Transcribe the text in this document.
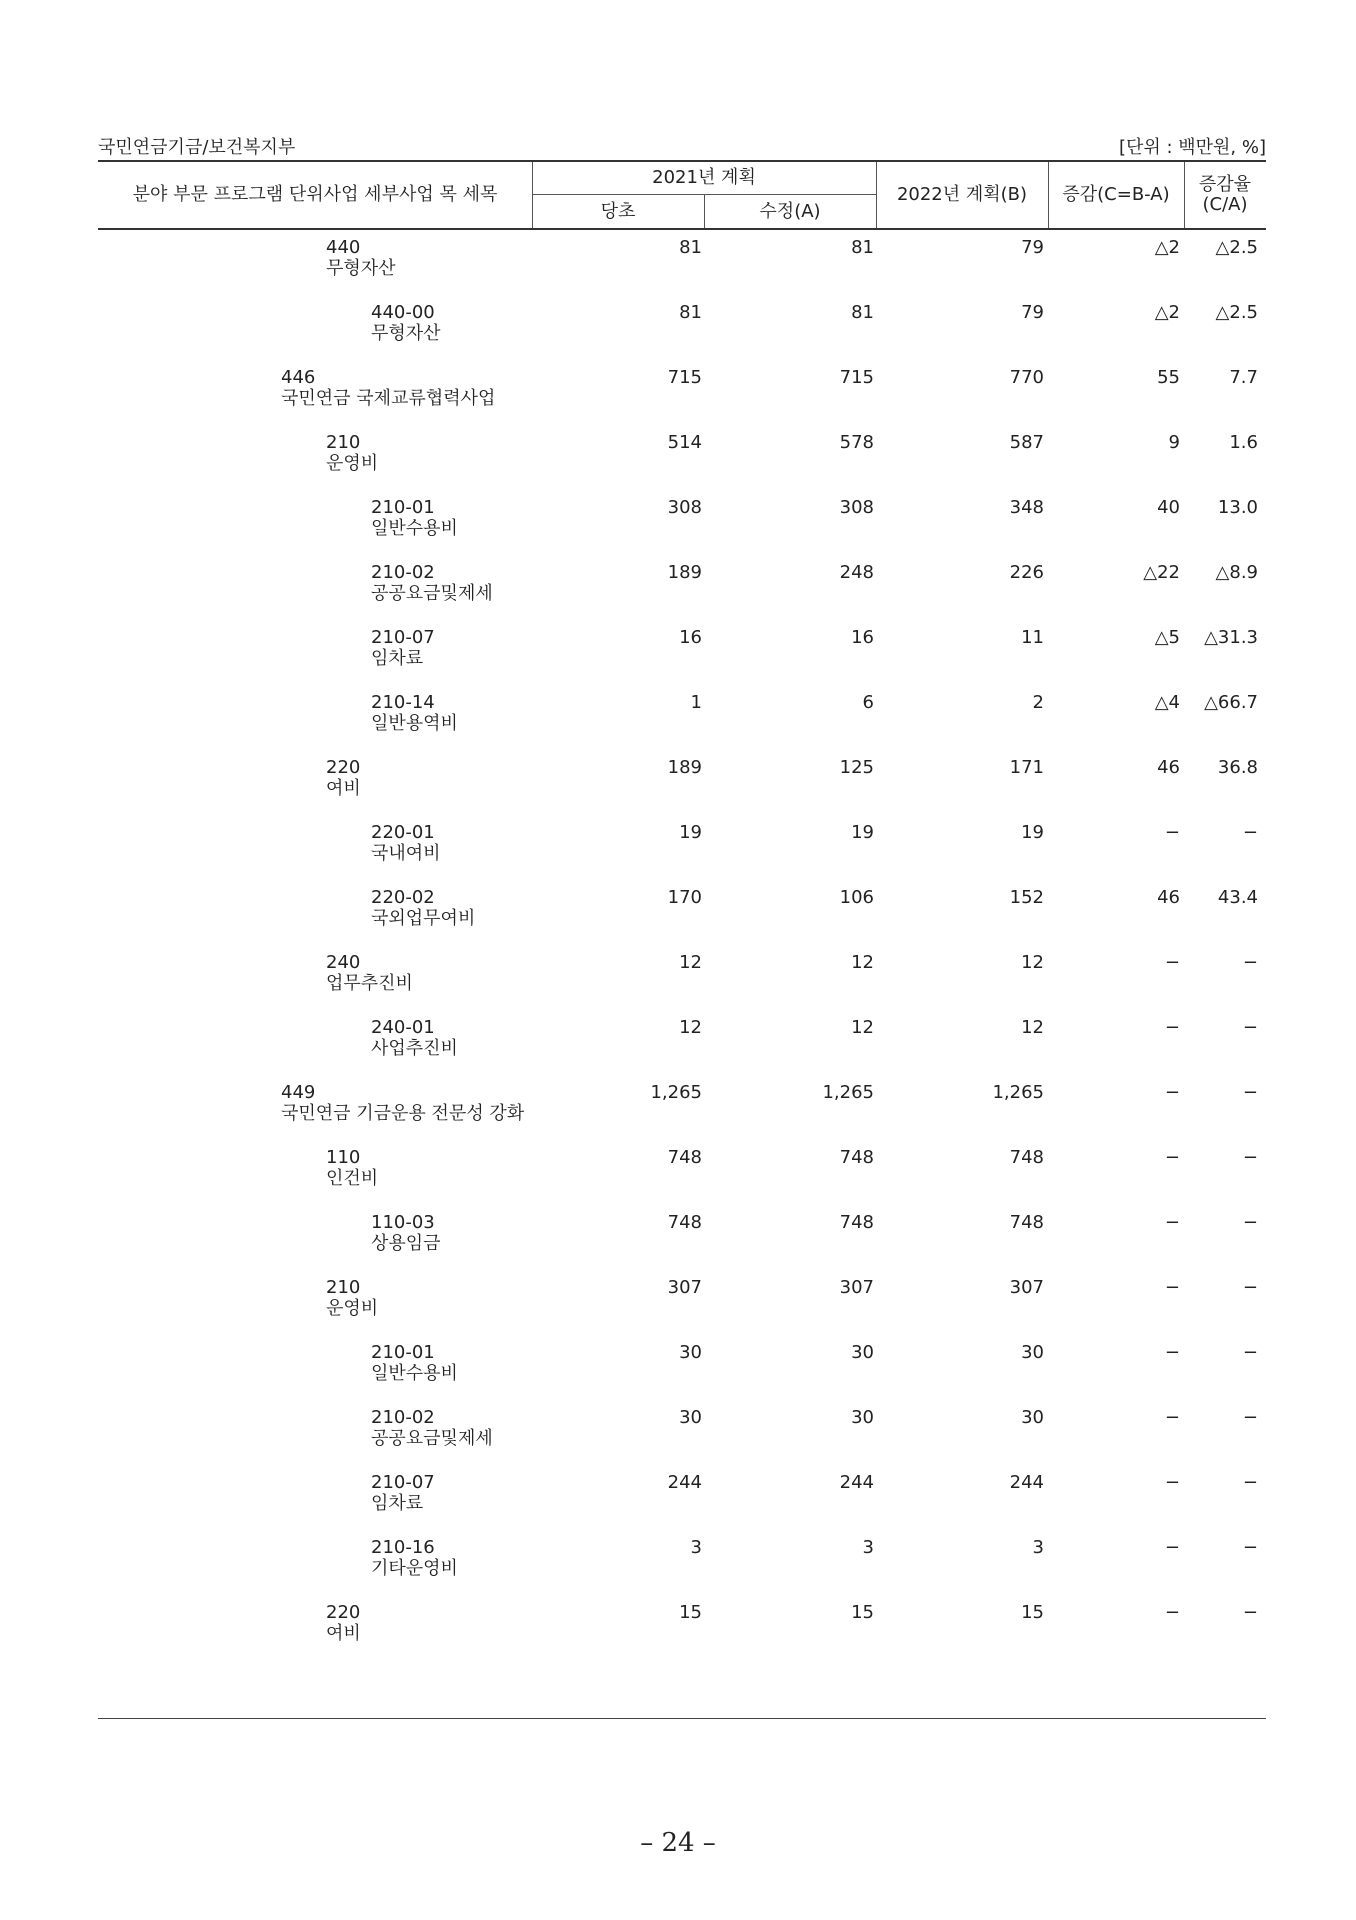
국민연금기금/보건복지부	[단위 : 백만원, %]
분야 부문 프로그램 단위사업 세부사업 목 세목
2021년 계획
당초	수정(A)
2022년 계획(B)	증감(C=B-A)	증감율
(C/A)
440
무형자산
81	81	79	△2 △2.5
440-00
무형자산
81	81	79	△2 △2.5
446
국민연금 국제교류협력사업
715	715	770	55	7.7
210
운영비
514	578	587	9	1.6
210-01
일반수용비
308	308	348	40 13.0
210-02
공공요금및제세
189	248	226	△22 △8.9
210-07
임차료
16	16	11	△5 △31.3
210-14
일반용역비
1	6	2	△4 △66.7
220
여비
189	125	171	46 36.8
220-01
국내여비
19	19	19	−	−
220-02
국외업무여비
170	106	152	46 43.4
240
업무추진비
12	12	12	−	−
240-01
사업추진비
12	12	12	−	−
449
국민연금 기금운용 전문성 강화
1,265	1,265	1,265	−	−
110
인건비
748	748	748	−	−
110-03
상용임금
748	748	748	−	−
210
운영비
307	307	307	−	−
210-01
일반수용비
30	30	30	−	−
210-02
공공요금및제세
30	30	30	−	−
210-07
임차료
244	244	244	−	−
210-16
기타운영비
3	3	3	−	−
220
여비
15	15	15	−	−
– 24 –
